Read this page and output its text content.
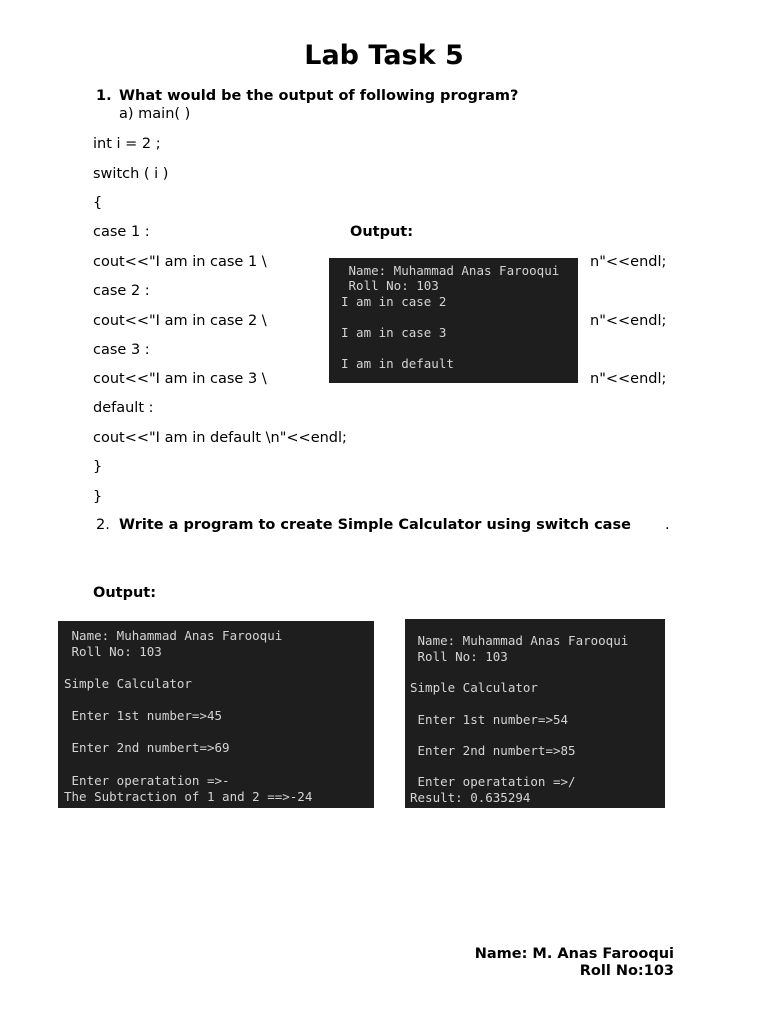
Lab Task 5
1. What would be the output of following program?
a) main( )
int i = 2 ;
switch ( i )
{
case 1 :
cout<<"I am in case 1 \
case 2 :
cout<<"I am in case 2 \
case 3 :
cout<<"I am in case 3 \
default :
cout<<"I am in default \n"<<endl;
}
}
n"<<endl;
n"<<endl;
n"<<endl;
Output:
Name: Muhammad Anas Farooqui
Roll No: 103
I am in case 2
I am in case 3
I am in default
2. Write a program to create Simple Calculator using switch case .
Output:
Name: Muhammad Anas Farooqui
Roll No: 103
Simple Calculator
Enter 1st number=>45
Enter 2nd numbert=>69
Enter operatation =>-
The Subtraction of 1 and 2 ==>-24
Name: Muhammad Anas Farooqui
Roll No: 103
Simple Calculator
Enter 1st number=>54
Enter 2nd numbert=>85
Enter operatation =>/
Result: 0.635294
Name: M. Anas Farooqui
Roll No:103
